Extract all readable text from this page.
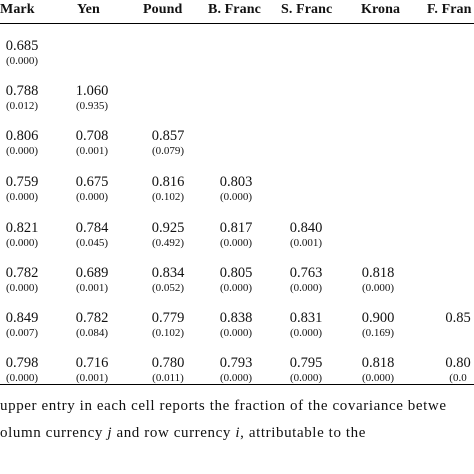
Mark	Yen	Pound B. Franc S. Franc Krona F. Fran
0.685
(0.000)
0.788
(0.012)
1.060
(0.935)
0.806
(0.000)
0.708
(0.001)
0.857
(0.079)
0.759
(0.000)
0.675
(0.000)
0.816
(0.102)
0.803
(0.000)
0.821
(0.000)
0.784
(0.045)
0.925
(0.492)
0.817
(0.000)
0.840
(0.001)
0.782
(0.000)
0.689
(0.001)
0.834
(0.052)
0.805
(0.000)
0.763
(0.000)
0.818
(0.000)
0.849
(0.007)
0.782
(0.084)
0.779
(0.102)
0.838
(0.000)
0.831
(0.000)
0.900
(0.169)
0.85
0.798
(0.000)
0.716
(0.001)
0.780
(0.011)
0.793
(0.000)
0.795
(0.000)
0.818
(0.000)
0.80
(0.0
upper entry in each cell reports the fraction of the covariance betwe
olumn currency j and row currency i, attributable to the
